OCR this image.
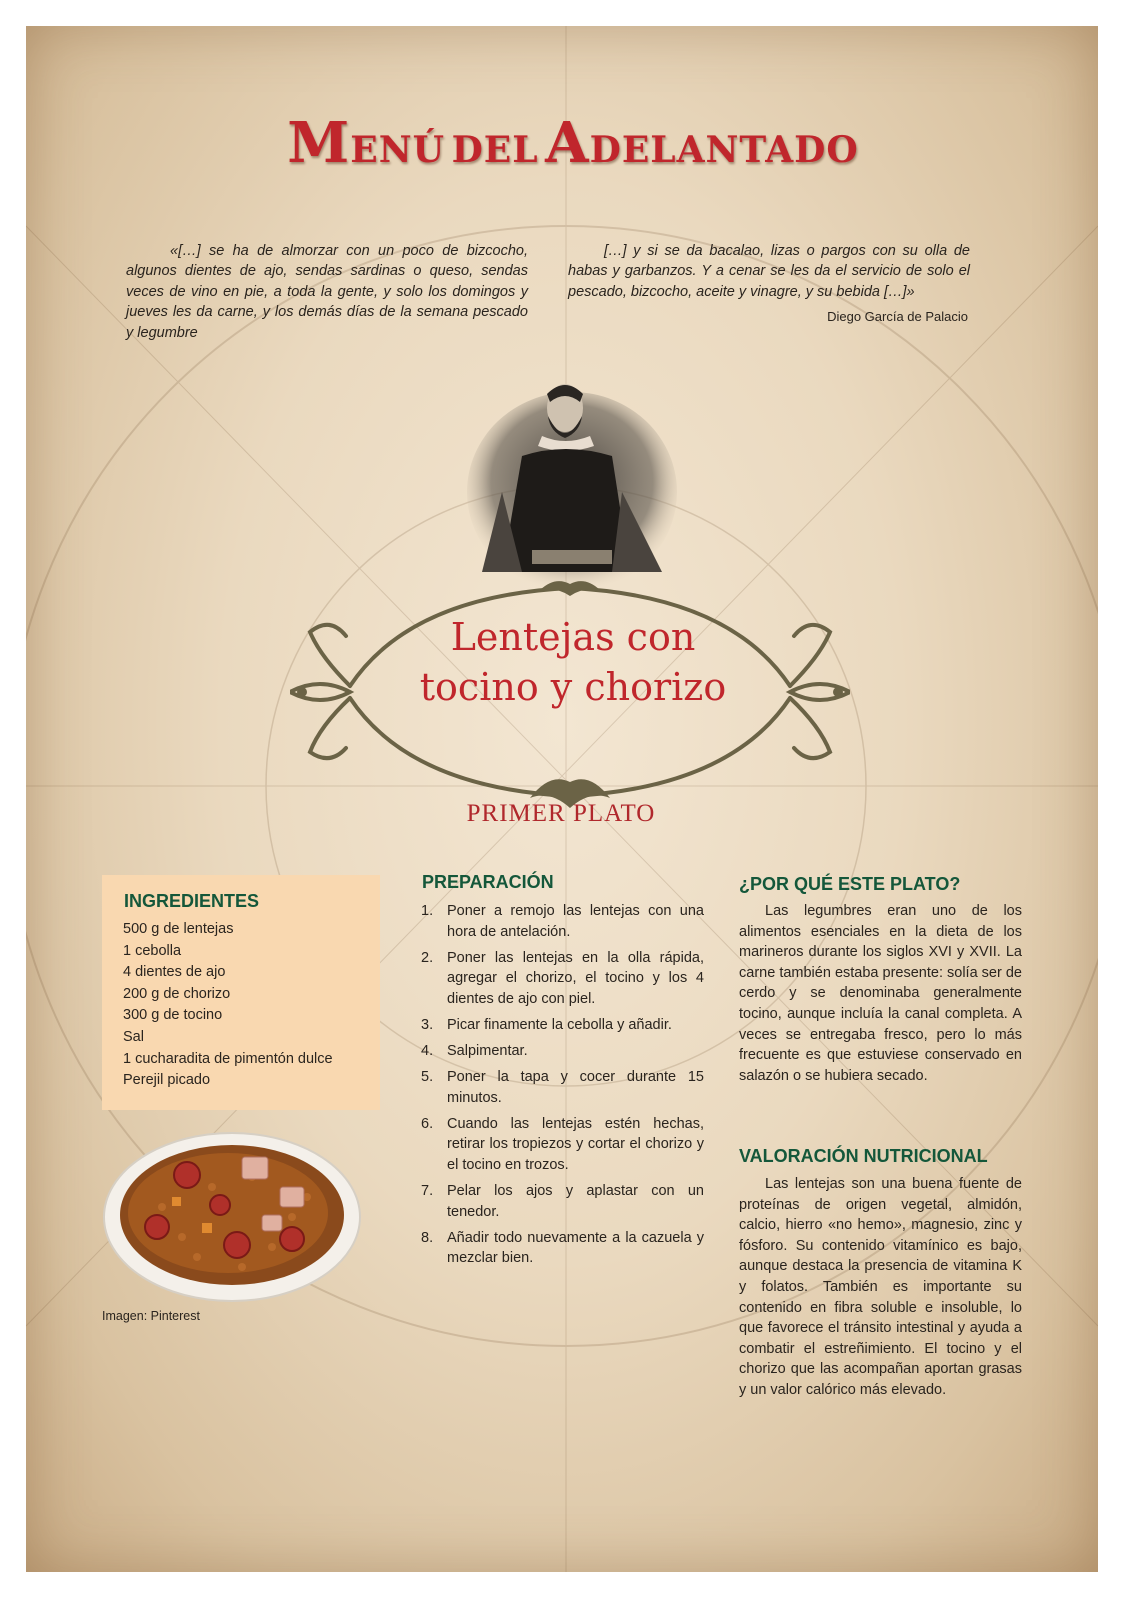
MENÚ DEL ADELANTADO

«[…] se ha de almorzar con un poco de bizcocho, algunos dientes de ajo, sendas sardinas o queso, sendas veces de vino en pie, a toda la gente, y solo los domingos y jueves les da carne, y los demás días de la semana pescado y legumbre

[…] y si se da bacalao, lizas o pargos con su olla de habas y garbanzos. Y a cenar se les da el servicio de solo el pescado, bizcocho, aceite y vinagre, y su bebida […]»

Diego García de Palacio
Lentejas con
tocino y chorizo
PRIMER PLATO
INGREDIENTES
500 g de lentejas
1 cebolla
4 dientes de ajo
200 g de chorizo
300 g de tocino
Sal
1 cucharadita de pimentón dulce
Perejil picado
Imagen: Pinterest
PREPARACIÓN
1. Poner a remojo las lentejas con una hora de antelación.
2. Poner las lentejas en la olla rápida, agregar el chorizo, el tocino y los 4 dientes de ajo con piel.
3. Picar finamente la cebolla y añadir.
4. Salpimentar.
5. Poner la tapa y cocer durante 15 minutos.
6. Cuando las lentejas estén hechas, retirar los tropiezos y cortar el chorizo y el tocino en trozos.
7. Pelar los ajos y aplastar con un tenedor.
8. Añadir todo nuevamente a la cazuela y mezclar bien.
¿POR QUÉ ESTE PLATO?

Las legumbres eran uno de los alimentos esenciales en la dieta de los marineros durante los siglos XVI y XVII. La carne también estaba presente: solía ser de cerdo y se denominaba generalmente tocino, aunque incluía la canal completa. A veces se entregaba fresco, pero lo más frecuente es que estuviese conservado en salazón o se hubiera secado.

VALORACIÓN NUTRICIONAL

Las lentejas son una buena fuente de proteínas de origen vegetal, almidón, calcio, hierro «no hemo», magnesio, zinc y fósforo. Su contenido vitamínico es bajo, aunque destaca la presencia de vitamina K y folatos. También es importante su contenido en fibra soluble e insoluble, lo que favorece el tránsito intestinal y ayuda a combatir el estreñimiento. El tocino y el chorizo que las acompañan aportan grasas y un valor calórico más elevado.
